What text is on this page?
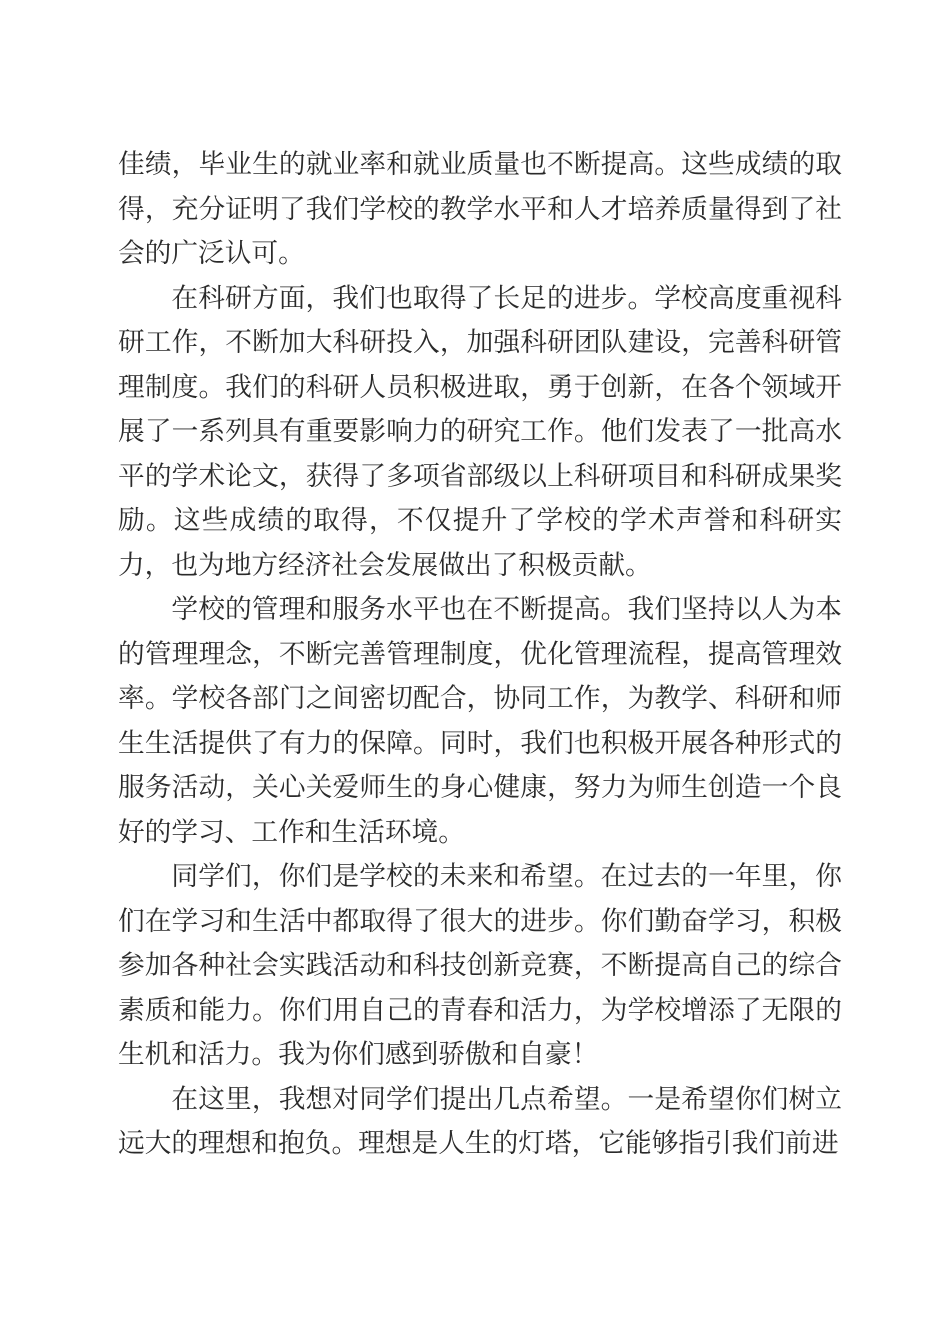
佳绩，毕业生的就业率和就业质量也不断提高。这些成绩的取得，充分证明了我们学校的教学水平和人才培养质量得到了社会的广泛认可。

在科研方面，我们也取得了长足的进步。学校高度重视科研工作，不断加大科研投入，加强科研团队建设，完善科研管理制度。我们的科研人员积极进取，勇于创新，在各个领域开展了一系列具有重要影响力的研究工作。他们发表了一批高水平的学术论文，获得了多项省部级以上科研项目和科研成果奖励。这些成绩的取得，不仅提升了学校的学术声誉和科研实力，也为地方经济社会发展做出了积极贡献。

学校的管理和服务水平也在不断提高。我们坚持以人为本的管理理念，不断完善管理制度，优化管理流程，提高管理效率。学校各部门之间密切配合，协同工作，为教学、科研和师生生活提供了有力的保障。同时，我们也积极开展各种形式的服务活动，关心关爱师生的身心健康，努力为师生创造一个良好的学习、工作和生活环境。

同学们，你们是学校的未来和希望。在过去的一年里，你们在学习和生活中都取得了很大的进步。你们勤奋学习，积极参加各种社会实践活动和科技创新竞赛，不断提高自己的综合素质和能力。你们用自己的青春和活力，为学校增添了无限的生机和活力。我为你们感到骄傲和自豪！

在这里，我想对同学们提出几点希望。一是希望你们树立远大的理想和抱负。理想是人生的灯塔，它能够指引我们前进
